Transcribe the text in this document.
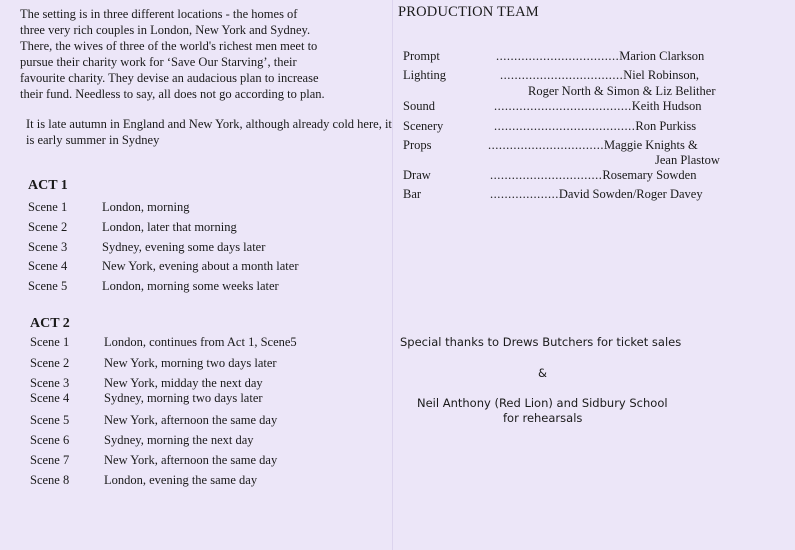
The setting is in three different locations - the homes of three very rich couples in London, New York and Sydney. There, the wives of three of the world's richest men meet to pursue their charity work for ‘Save Our Starving’, their favourite charity. They devise an audacious plan to increase their fund. Needless to say, all does not go according to plan.

It is late autumn in England and New York, although already cold here, it is early summer in Sydney

ACT 1
Scene 1	London, morning
Scene 2	London, later that morning
Scene 3	Sydney, evening some days later
Scene 4	New York, evening about a month later
Scene 5	London, morning some weeks later
ACT 2
Scene 1	London, continues from Act 1, Scene5
Scene 2	New York, morning two days later
Scene 3	New York, midday the next day
Scene 4	Sydney, morning two days later
Scene 5	New York, afternoon the same day
Scene 6	Sydney, morning the next day
Scene 7	New York, afternoon the same day
Scene 8	London, evening the same day
PRODUCTION TEAM
Prompt	..................................Marion Clarkson
Lighting	..................................Niel Robinson,
Roger North & Simon & Liz Belither
Sound	......................................Keith Hudson
Scenery	.......................................Ron Purkiss
Props	................................Maggie Knights &
Jean Plastow
Draw	...............................Rosemary Sowden
Bar	...................David Sowden/Roger Davey
Special thanks to Drews Butchers for ticket sales
&
Neil Anthony (Red Lion) and Sidbury School
for rehearsals
